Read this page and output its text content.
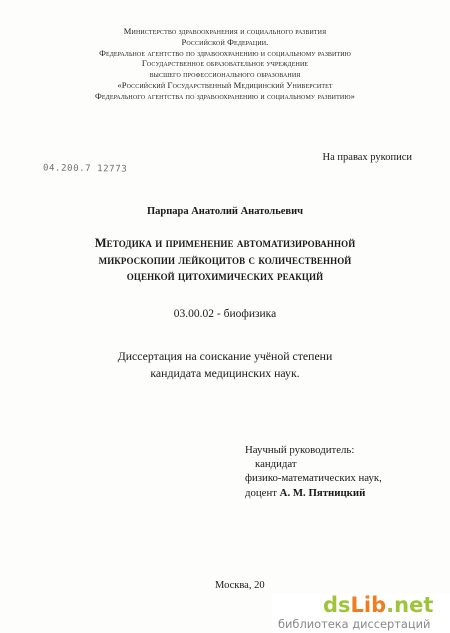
Министерство здравоохранения и социального развития
Российской Федерации.
Федеральное агентство по здравоохранению и социальному развитию
Государственное образовательное учреждение
высшего профессионального образования
«Российский Государственный Медицинский Университет
Федерального агентства по здравоохранению и социальному развитию»
На правах рукописи
04.200.7 12773
Парпара Анатолий Анатольевич
Методика и применение автоматизированной
микроскопии лейкоцитов с количественной
оценкой цитохимических реакций
03.00.02 - биофизика
Диссертация на соискание учёной степени
кандидата медицинских наук.
Научный руководитель:
кандидат
физико-математических наук,
доцент А. М. Пятницкий
Москва, 20
dsLib.net
библиотека диссертаций
